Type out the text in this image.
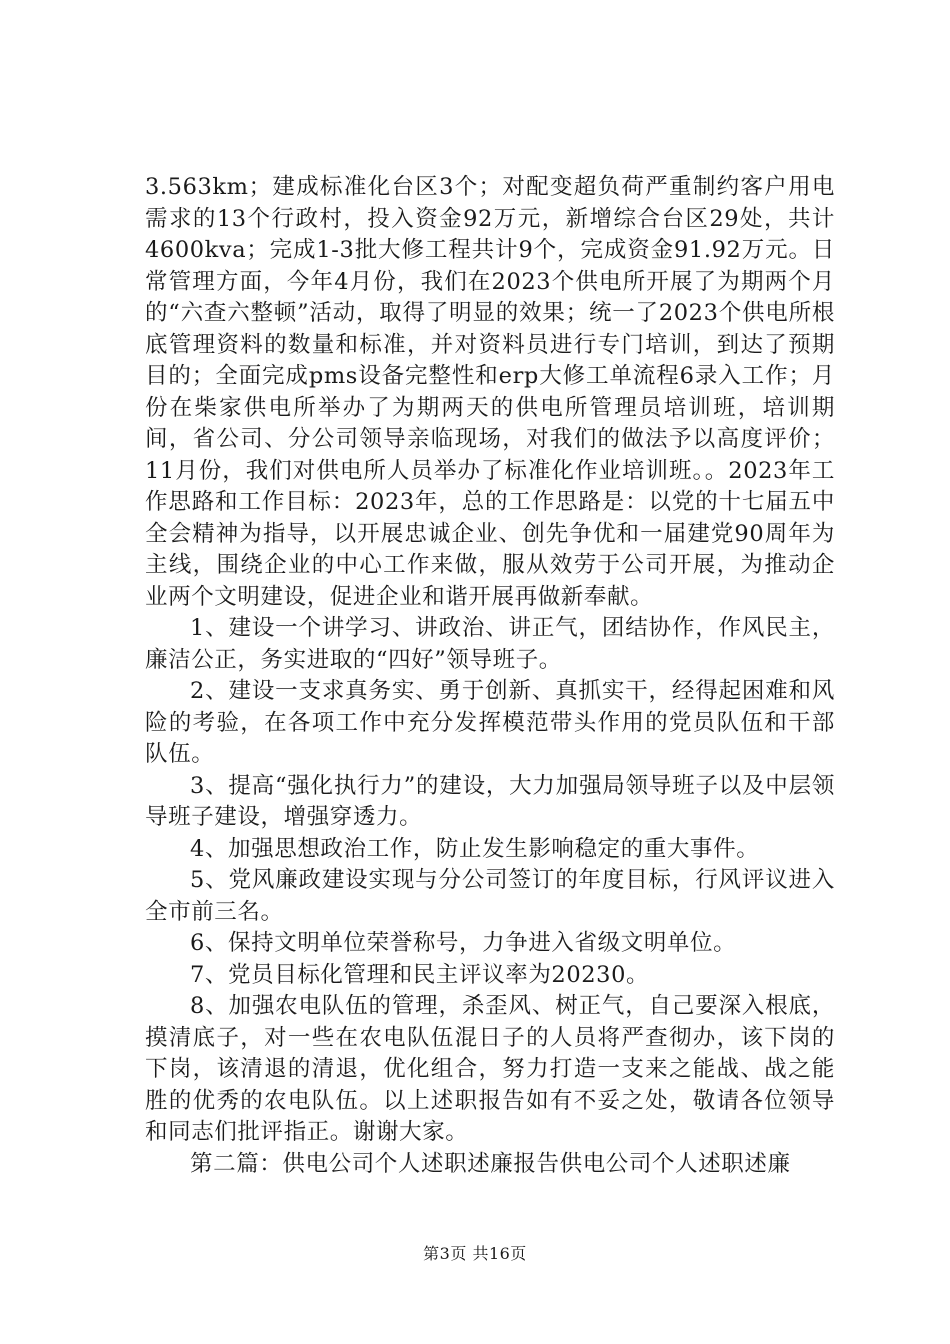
3.563km；建成标准化台区3个；对配变超负荷严重制约客户用电需求的13个行政村，投入资金92万元，新增综合台区29处，共计4600kva；完成1-3批大修工程共计9个，完成资金91.92万元。日常管理方面，今年4月份，我们在2023个供电所开展了为期两个月的“六查六整顿”活动，取得了明显的效果；统一了2023个供电所根底管理资料的数量和标准，并对资料员进行专门培训，到达了预期目的；全面完成pms设备完整性和erp大修工单流程6录入工作；月份在柴家供电所举办了为期两天的供电所管理员培训班，培训期间，省公司、分公司领导亲临现场，对我们的做法予以高度评价；11月份，我们对供电所人员举办了标准化作业培训班。。2023年工作思路和工作目标：2023年，总的工作思路是：以党的十七届五中全会精神为指导，以开展忠诚企业、创先争优和一届建党90周年为主线，围绕企业的中心工作来做，服从效劳于公司开展，为推动企业两个文明建设，促进企业和谐开展再做新奉献。

1、建设一个讲学习、讲政治、讲正气，团结协作，作风民主，廉洁公正，务实进取的“四好”领导班子。

2、建设一支求真务实、勇于创新、真抓实干，经得起困难和风险的考验，在各项工作中充分发挥模范带头作用的党员队伍和干部队伍。

3、提高“强化执行力”的建设，大力加强局领导班子以及中层领导班子建设，增强穿透力。

4、加强思想政治工作，防止发生影响稳定的重大事件。

5、党风廉政建设实现与分公司签订的年度目标，行风评议进入全市前三名。

6、保持文明单位荣誉称号，力争进入省级文明单位。

7、党员目标化管理和民主评议率为20230。

8、加强农电队伍的管理，杀歪风、树正气，自己要深入根底，摸清底子，对一些在农电队伍混日子的人员将严查彻办，该下岗的下岗，该清退的清退，优化组合，努力打造一支来之能战、战之能胜的优秀的农电队伍。以上述职报告如有不妥之处，敬请各位领导和同志们批评指正。谢谢大家。

第二篇：供电公司个人述职述廉报告供电公司个人述职述廉

第3页 共16页
